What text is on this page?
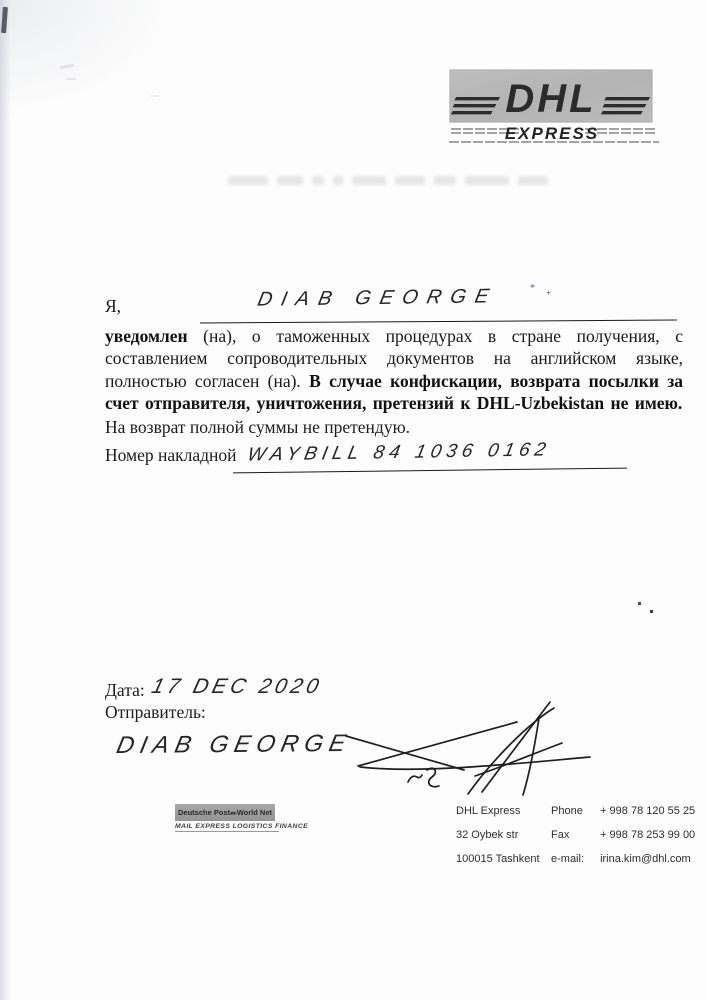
* +
DHL
EXPRESS
Я,	DIAB GEORGE
уведомлен (на), о таможенных процедурах в стране получения, с составлением сопроводительных документов на английском языке, полностью согласен (на). В случае конфискации, возврата посылки за счет отправителя, уничтожения, претензий к DHL-Uzbekistan не имею.
На возврат полной суммы не претендую.
Номер накладной WAYBILL 84 1036 0162
Дата: 17 DEC 2020
Отправитель:
DIAB GEORGE
Deutsche Post World Net
MAIL EXPRESS LOGISTICS FINANCE
DHL Express
32 Oybek str
100015 Tashkent
Phone + 998 78 120 55 25
Fax	+ 998 78 253 99 00
e-mail: irina.kim@dhl.com
